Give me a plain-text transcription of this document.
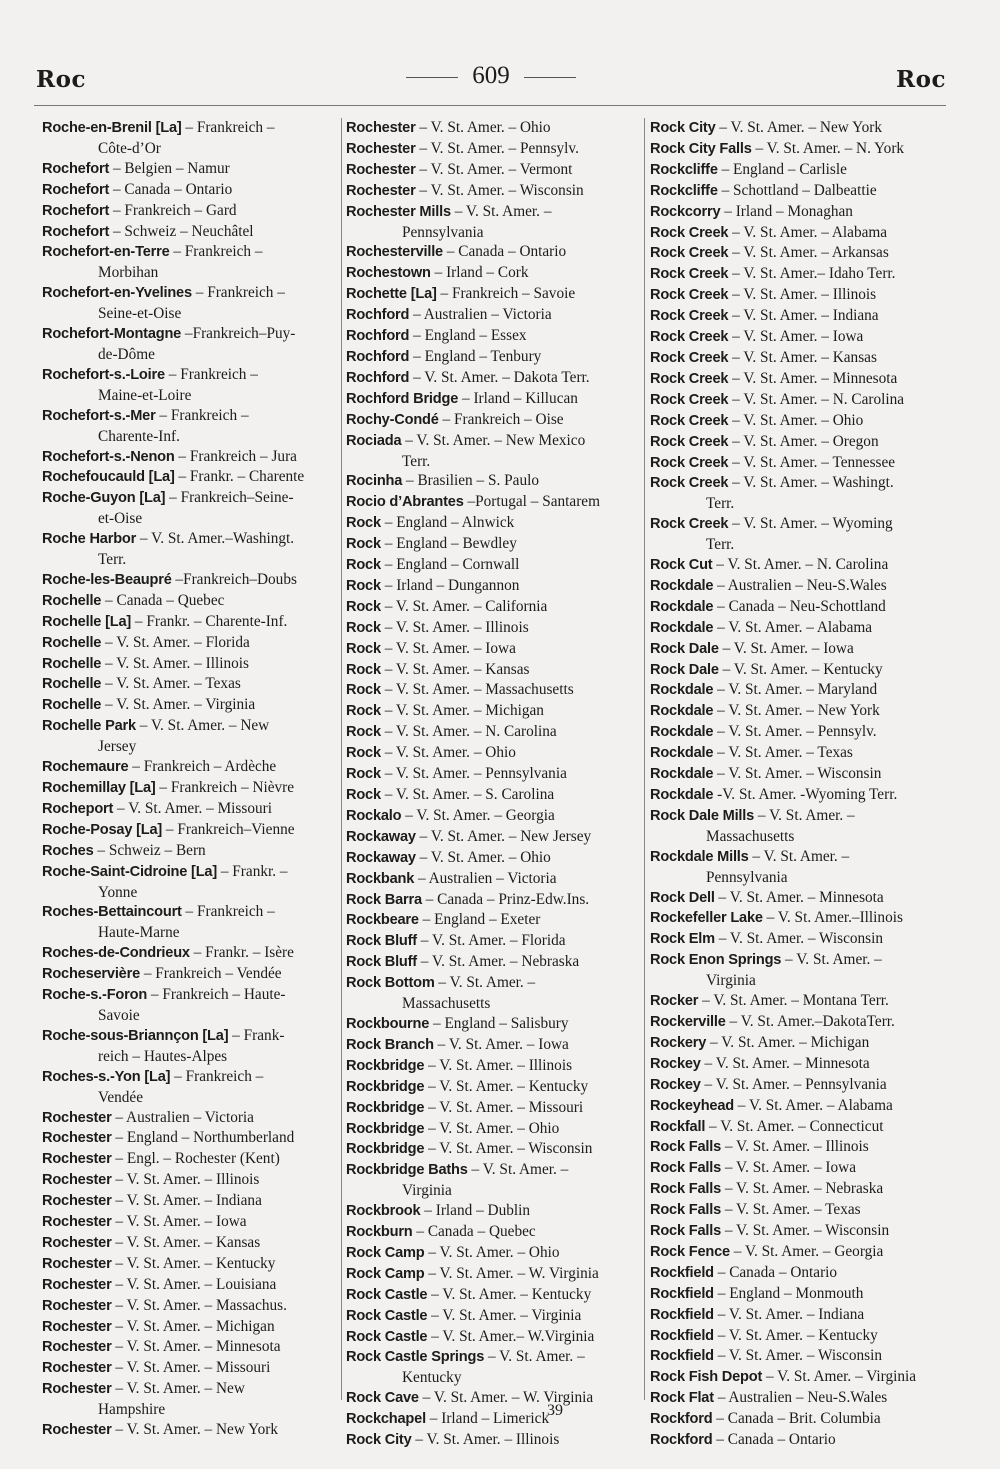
Roc	609	Roc
Roche-en-Brenil [La] – Frankreich –
Côte-d’Or
Rochefort – Belgien – Namur
Rochefort – Canada – Ontario
Rochefort – Frankreich – Gard
Rochefort – Schweiz – Neuchâtel
Rochefort-en-Terre – Frankreich –
Morbihan
Rochefort-en-Yvelines – Frankreich –
Seine-et-Oise
Rochefort-Montagne –Frankreich–Puy-
de-Dôme
Rochefort-s.-Loire – Frankreich –
Maine-et-Loire
Rochefort-s.-Mer – Frankreich –
Charente-Inf.
Rochefort-s.-Nenon – Frankreich – Jura
Rochefoucauld [La] – Frankr. – Charente
Roche-Guyon [La] – Frankreich–Seine-
et-Oise
Roche Harbor – V. St. Amer.–Washingt.
Terr.
Roche-les-Beaupré –Frankreich–Doubs
Rochelle – Canada – Quebec
Rochelle [La] – Frankr. – Charente-Inf.
Rochelle – V. St. Amer. – Florida
Rochelle – V. St. Amer. – Illinois
Rochelle – V. St. Amer. – Texas
Rochelle – V. St. Amer. – Virginia
Rochelle Park – V. St. Amer. – New
Jersey
Rochemaure – Frankreich – Ardèche
Rochemillay [La] – Frankreich – Nièvre
Rocheport – V. St. Amer. – Missouri
Roche-Posay [La] – Frankreich–Vienne
Roches – Schweiz – Bern
Roche-Saint-Cidroine [La] – Frankr. –
Yonne
Roches-Bettaincourt – Frankreich –
Haute-Marne
Roches-de-Condrieux – Frankr. – Isère
Rocheservière – Frankreich – Vendée
Roche-s.-Foron – Frankreich – Haute-
Savoie
Roche-sous-Briannçon [La] – Frank-
reich – Hautes-Alpes
Roches-s.-Yon [La] – Frankreich –
Vendée
Rochester – Australien – Victoria
Rochester – England – Northumberland
Rochester – Engl. – Rochester (Kent)
Rochester – V. St. Amer. – Illinois
Rochester – V. St. Amer. – Indiana
Rochester – V. St. Amer. – Iowa
Rochester – V. St. Amer. – Kansas
Rochester – V. St. Amer. – Kentucky
Rochester – V. St. Amer. – Louisiana
Rochester – V. St. Amer. – Massachus.
Rochester – V. St. Amer. – Michigan
Rochester – V. St. Amer. – Minnesota
Rochester – V. St. Amer. – Missouri
Rochester – V. St. Amer. – New
Hampshire
Rochester – V. St. Amer. – New York
Rochester – V. St. Amer. – Ohio
Rochester – V. St. Amer. – Pennsylv.
Rochester – V. St. Amer. – Vermont
Rochester – V. St. Amer. – Wisconsin
Rochester Mills – V. St. Amer. –
Pennsylvania
Rochesterville – Canada – Ontario
Rochestown – Irland – Cork
Rochette [La] – Frankreich – Savoie
Rochford – Australien – Victoria
Rochford – England – Essex
Rochford – England – Tenbury
Rochford – V. St. Amer. – Dakota Terr.
Rochford Bridge – Irland – Killucan
Rochy-Condé – Frankreich – Oise
Rociada – V. St. Amer. – New Mexico
Terr.
Rocinha – Brasilien – S. Paulo
Rocio d’Abrantes –Portugal – Santarem
Rock – England – Alnwick
Rock – England – Bewdley
Rock – England – Cornwall
Rock – Irland – Dungannon
Rock – V. St. Amer. – California
Rock – V. St. Amer. – Illinois
Rock – V. St. Amer. – Iowa
Rock – V. St. Amer. – Kansas
Rock – V. St. Amer. – Massachusetts
Rock – V. St. Amer. – Michigan
Rock – V. St. Amer. – N. Carolina
Rock – V. St. Amer. – Ohio
Rock – V. St. Amer. – Pennsylvania
Rock – V. St. Amer. – S. Carolina
Rockalo – V. St. Amer. – Georgia
Rockaway – V. St. Amer. – New Jersey
Rockaway – V. St. Amer. – Ohio
Rockbank – Australien – Victoria
Rock Barra – Canada – Prinz-Edw.Ins.
Rockbeare – England – Exeter
Rock Bluff – V. St. Amer. – Florida
Rock Bluff – V. St. Amer. – Nebraska
Rock Bottom – V. St. Amer. –
Massachusetts
Rockbourne – England – Salisbury
Rock Branch – V. St. Amer. – Iowa
Rockbridge – V. St. Amer. – Illinois
Rockbridge – V. St. Amer. – Kentucky
Rockbridge – V. St. Amer. – Missouri
Rockbridge – V. St. Amer. – Ohio
Rockbridge – V. St. Amer. – Wisconsin
Rockbridge Baths – V. St. Amer. –
Virginia
Rockbrook – Irland – Dublin
Rockburn – Canada – Quebec
Rock Camp – V. St. Amer. – Ohio
Rock Camp – V. St. Amer. – W. Virginia
Rock Castle – V. St. Amer. – Kentucky
Rock Castle – V. St. Amer. – Virginia
Rock Castle – V. St. Amer.– W.Virginia
Rock Castle Springs – V. St. Amer. –
Kentucky
Rock Cave – V. St. Amer. – W. Virginia
Rockchapel – Irland – Limerick
Rock City – V. St. Amer. – Illinois
Rock City – V. St. Amer. – New York
Rock City Falls – V. St. Amer. – N. York
Rockcliffe – England – Carlisle
Rockcliffe – Schottland – Dalbeattie
Rockcorry – Irland – Monaghan
Rock Creek – V. St. Amer. – Alabama
Rock Creek – V. St. Amer. – Arkansas
Rock Creek – V. St. Amer.– Idaho Terr.
Rock Creek – V. St. Amer. – Illinois
Rock Creek – V. St. Amer. – Indiana
Rock Creek – V. St. Amer. – Iowa
Rock Creek – V. St. Amer. – Kansas
Rock Creek – V. St. Amer. – Minnesota
Rock Creek – V. St. Amer. – N. Carolina
Rock Creek – V. St. Amer. – Ohio
Rock Creek – V. St. Amer. – Oregon
Rock Creek – V. St. Amer. – Tennessee
Rock Creek – V. St. Amer. – Washingt.
Terr.
Rock Creek – V. St. Amer. – Wyoming
Terr.
Rock Cut – V. St. Amer. – N. Carolina
Rockdale – Australien – Neu-S.Wales
Rockdale – Canada – Neu-Schottland
Rockdale – V. St. Amer. – Alabama
Rock Dale – V. St. Amer. – Iowa
Rock Dale – V. St. Amer. – Kentucky
Rockdale – V. St. Amer. – Maryland
Rockdale – V. St. Amer. – New York
Rockdale – V. St. Amer. – Pennsylv.
Rockdale – V. St. Amer. – Texas
Rockdale – V. St. Amer. – Wisconsin
Rockdale -V. St. Amer. -Wyoming Terr.
Rock Dale Mills – V. St. Amer. –
Massachusetts
Rockdale Mills – V. St. Amer. –
Pennsylvania
Rock Dell – V. St. Amer. – Minnesota
Rockefeller Lake – V. St. Amer.–Illinois
Rock Elm – V. St. Amer. – Wisconsin
Rock Enon Springs – V. St. Amer. –
Virginia
Rocker – V. St. Amer. – Montana Terr.
Rockerville – V. St. Amer.–DakotaTerr.
Rockery – V. St. Amer. – Michigan
Rockey – V. St. Amer. – Minnesota
Rockey – V. St. Amer. – Pennsylvania
Rockeyhead – V. St. Amer. – Alabama
Rockfall – V. St. Amer. – Connecticut
Rock Falls – V. St. Amer. – Illinois
Rock Falls – V. St. Amer. – Iowa
Rock Falls – V. St. Amer. – Nebraska
Rock Falls – V. St. Amer. – Texas
Rock Falls – V. St. Amer. – Wisconsin
Rock Fence – V. St. Amer. – Georgia
Rockfield – Canada – Ontario
Rockfield – England – Monmouth
Rockfield – V. St. Amer. – Indiana
Rockfield – V. St. Amer. – Kentucky
Rockfield – V. St. Amer. – Wisconsin
Rock Fish Depot – V. St. Amer. – Virginia
Rock Flat – Australien – Neu-S.Wales
Rockford – Canada – Brit. Columbia
Rockford – Canada – Ontario
39
